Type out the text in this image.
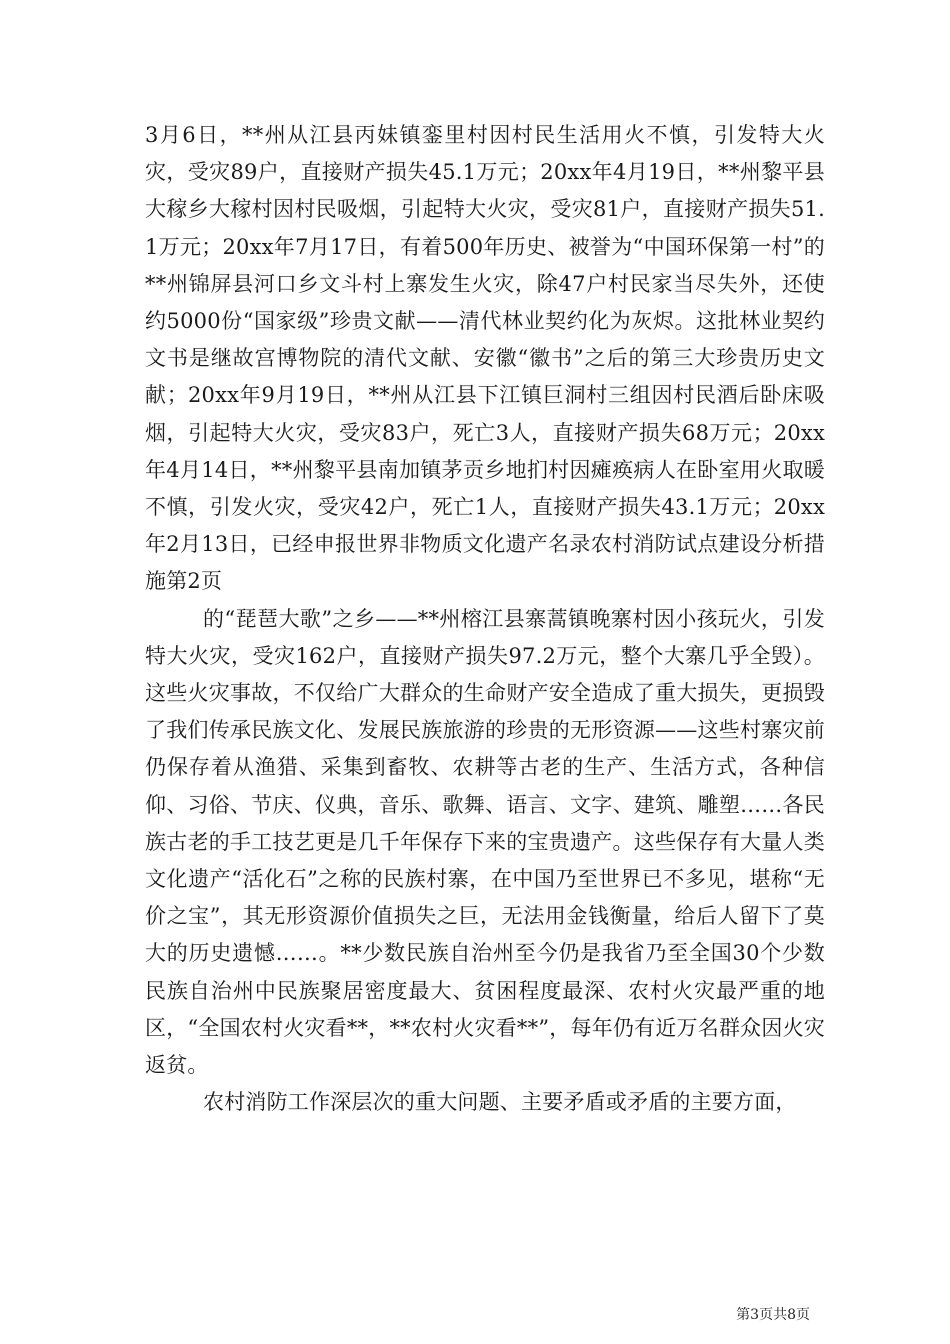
3月6日，**州从江县丙妹镇銮里村因村民生活用火不慎，引发特大火灾，受灾89户，直接财产损失45.1万元；20xx年4月19日，**州黎平县大稼乡大稼村因村民吸烟，引起特大火灾，受灾81户，直接财产损失51.1万元；20xx年7月17日，有着500年历史、被誉为“中国环保第一村”的**州锦屏县河口乡文斗村上寨发生火灾，除47户村民家当尽失外，还使约5000份“国家级”珍贵文献——清代林业契约化为灰烬。这批林业契约文书是继故宫博物院的清代文献、安徽“徽书”之后的第三大珍贵历史文献；20xx年9月19日，**州从江县下江镇巨洞村三组因村民酒后卧床吸烟，引起特大火灾，受灾83户，死亡3人，直接财产损失68万元；20xx年4月14日，**州黎平县南加镇茅贡乡地扪村因瘫痪病人在卧室用火取暖不慎，引发火灾，受灾42户，死亡1人，直接财产损失43.1万元；20xx年2月13日，已经申报世界非物质文化遗产名录农村消防试点建设分析措施第2页

的“琵琶大歌”之乡——**州榕江县寨蒿镇晚寨村因小孩玩火，引发特大火灾，受灾162户，直接财产损失97.2万元，整个大寨几乎全毁）。这些火灾事故，不仅给广大群众的生命财产安全造成了重大损失，更损毁了我们传承民族文化、发展民族旅游的珍贵的无形资源——这些村寨灾前仍保存着从渔猎、采集到畜牧、农耕等古老的生产、生活方式，各种信仰、习俗、节庆、仪典，音乐、歌舞、语言、文字、建筑、雕塑……各民族古老的手工技艺更是几千年保存下来的宝贵遗产。这些保存有大量人类文化遗产“活化石”之称的民族村寨，在中国乃至世界已不多见，堪称“无价之宝”，其无形资源价值损失之巨，无法用金钱衡量，给后人留下了莫大的历史遗憾……。**少数民族自治州至今仍是我省乃至全国30个少数民族自治州中民族聚居密度最大、贫困程度最深、农村火灾最严重的地区，“全国农村火灾看**，**农村火灾看**”，每年仍有近万名群众因火灾返贫。

农村消防工作深层次的重大问题、主要矛盾或矛盾的主要方面，

第3页共8页
